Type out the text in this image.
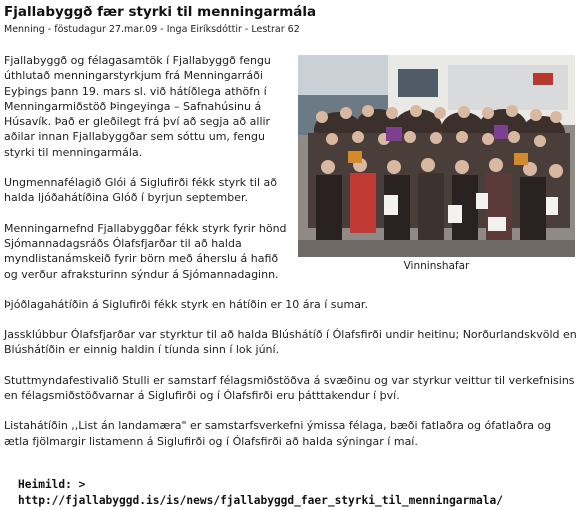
Fjallabyggð fær styrki til menningarmála
Menning - föstudagur 27.mar.09 - Inga Eiríksdóttir - Lestrar 62
Vinninshafar

Fjallabyggð og félagasamtök í Fjallabyggð fengu úthlutað menningarstyrkjum frá Menningarráði Eyþings þann 19. mars sl. við hátíðlega athöfn í Menningarmiðstöð Þingeyinga – Safnahúsinu á Húsavík. Það er gleðilegt frá því að segja að allir aðilar innan Fjallabyggðar sem sóttu um, fengu styrki til menningarmála.

Ungmennafélagið Glói á Siglufirði fékk styrk til að halda ljóðahátíðina Glóð í byrjun september.

Menningarnefnd Fjallabyggðar fékk styrk fyrir hönd Sjómannadagsráðs Ólafsfjarðar til að halda myndlistanámskeið fyrir börn með áherslu á hafið og verður afraksturinn sýndur á Sjómannadaginn.

Þjóðlagahátíðin á Siglufirði fékk styrk en hátíðin er 10 ára í sumar.

Jassklúbbur Ólafsfjarðar var styrktur til að halda Blúshátíð í Ólafsfirði undir heitinu; Norðurlandskvöld en Blúshátíðin er einnig haldin í tíunda sinn í lok júní.

Stuttmyndafestivalið Stulli er samstarf félagsmiðstöðva á svæðinu og var styrkur veittur til verkefnisins en félagsmiðstöðvarnar á Siglufirði og í Ólafsfirði eru þátttakendur í því.

Listahátíðin ,,List án landamæra" er samstarfsverkefni ýmissa félaga, bæði fatlaðra og ófatlaðra og ætla fjölmargir listamenn á Siglufirði og í Ólafsfirði að halda sýningar í maí.

Heimild: >
http://fjallabyggd.is/is/news/fjallabyggd_faer_styrki_til_menningarmala/
